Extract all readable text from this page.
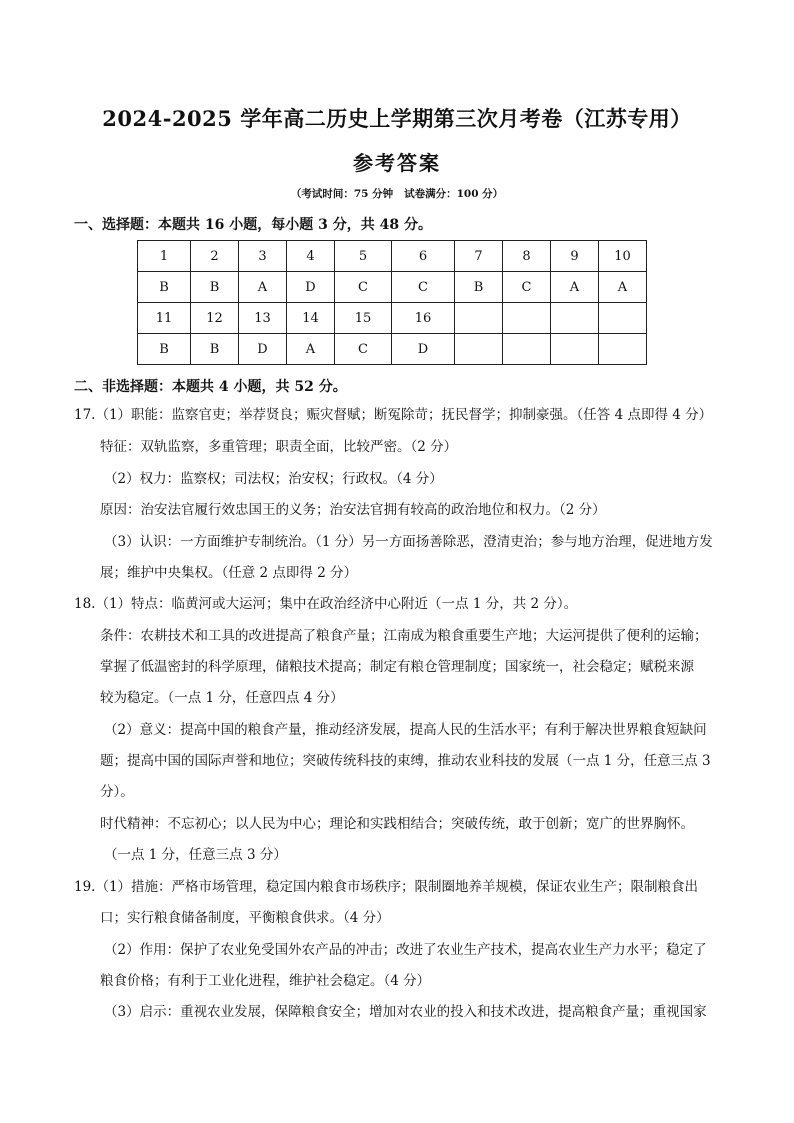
2024-2025 学年高二历史上学期第三次月考卷（江苏专用）
参考答案
（考试时间：75 分钟   试卷满分：100 分）
一、选择题：本题共 16 小题，每小题 3 分，共 48 分。
1	2	3	4	5	6	7	8	9	10
B	B	A	D	C	C	B	C	A	A
11	12	13	14	15	16				
B	B	D	A	C	D				
二、非选择题：本题共 4 小题，共 52 分。
17.（1）职能：监察官吏；举荐贤良；赈灾督赋；断冤除苛；抚民督学；抑制豪强。（任答 4 点即得 4 分）
特征：双轨监察，多重管理；职责全面，比较严密。（2 分）
（2）权力：监察权；司法权；治安权；行政权。（4 分）
原因：治安法官履行效忠国王的义务；治安法官拥有较高的政治地位和权力。（2 分）
（3）认识：一方面维护专制统治。（1 分）另一方面扬善除恶，澄清吏治；参与地方治理，促进地方发
展；维护中央集权。（任意 2 点即得 2 分）
18.（1）特点：临黄河或大运河；集中在政治经济中心附近（一点 1 分，共 2 分）。
条件：农耕技术和工具的改进提高了粮食产量；江南成为粮食重要生产地；大运河提供了便利的运输；
掌握了低温密封的科学原理，储粮技术提高；制定有粮仓管理制度；国家统一，社会稳定；赋税来源
较为稳定。（一点 1 分，任意四点 4 分）
（2）意义：提高中国的粮食产量，推动经济发展，提高人民的生活水平；有利于解决世界粮食短缺问
题；提高中国的国际声誉和地位；突破传统科技的束缚，推动农业科技的发展（一点 1 分，任意三点 3
分）。
时代精神：不忘初心；以人民为中心；理论和实践相结合；突破传统，敢于创新；宽广的世界胸怀。
（一点 1 分，任意三点 3 分）
19.（1）措施：严格市场管理，稳定国内粮食市场秩序；限制圈地养羊规模，保证农业生产；限制粮食出
口；实行粮食储备制度，平衡粮食供求。（4 分）
（2）作用：保护了农业免受国外农产品的冲击；改进了农业生产技术，提高农业生产力水平；稳定了
粮食价格；有利于工业化进程，维护社会稳定。（4 分）
（3）启示：重视农业发展，保障粮食安全；增加对农业的投入和技术改进，提高粮食产量；重视国家
